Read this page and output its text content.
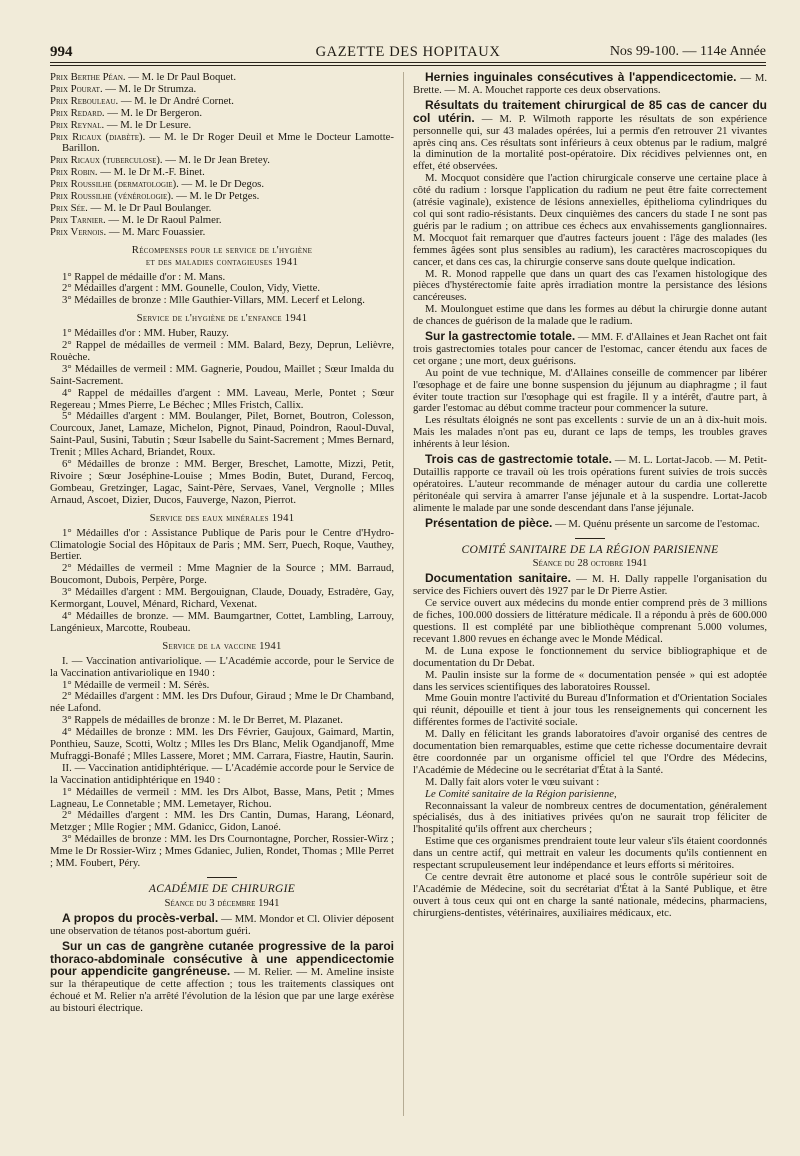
994	GAZETTE DES HOPITAUX	Nos 99-100. — 114e Année

Prix Berthe Péan. — M. le Dr Paul Boquet.

Prix Pourat. — M. le Dr Strumza.

Prix Rebouleau. — M. le Dr André Cornet.

Prix Redard. — M. le Dr Bergeron.

Prix Reynal. — M. le Dr Lesure.

Prix Ricaux (diabète). — M. le Dr Roger Deuil et Mme le Docteur Lamotte-Barillon.

Prix Ricaux (tuberculose). — M. le Dr Jean Bretey.

Prix Robin. — M. le Dr M.-F. Binet.

Prix Roussilhe (dermatologie). — M. le Dr Degos.

Prix Roussilhe (vénérologie). — M. le Dr Petges.

Prix Sée. — M. le Dr Paul Boulanger.

Prix Tarnier. — M. le Dr Raoul Palmer.

Prix Vernois. — M. Marc Fouassier.

Récompenses pour le service de l'hygiène
et des maladies contagieuses 1941

1° Rappel de médaille d'or : M. Mans.

2° Médailles d'argent : MM. Gounelle, Coulon, Vidy, Viette.

3° Médailles de bronze : Mlle Gauthier-Villars, MM. Lecerf et Lelong.

Service de l'hygiène de l'enfance 1941

1° Médailles d'or : MM. Huber, Rauzy.

2° Rappel de médailles de vermeil : MM. Balard, Bezy, Deprun, Lelièvre, Rouèche.

3° Médailles de vermeil : MM. Gagnerie, Poudou, Maillet ; Sœur Imalda du Saint-Sacrement.

4° Rappel de médailles d'argent : MM. Laveau, Merle, Pontet ; Sœur Regereau ; Mmes Pierre, Le Béchec ; Mlles Fristch, Callix.

5° Médailles d'argent : MM. Boulanger, Pilet, Bornet, Boutron, Colesson, Courcoux, Janet, Lamaze, Michelon, Pignot, Pinaud, Poindron, Raoul-Duval, Saint-Paul, Susini, Tabutin ; Sœur Isabelle du Saint-Sacrement ; Mmes Bernard, Trenit ; Mlles Achard, Briandet, Roux.

6° Médailles de bronze : MM. Berger, Breschet, Lamotte, Mizzi, Petit, Rivoire ; Sœur Joséphine-Louise ; Mmes Bodin, Butet, Durand, Fercoq, Gombeau, Gretzinger, Lagac, Saint-Père, Servaes, Vanel, Vergnolle ; Mlles Arnaud, Ascoet, Dizier, Ducos, Fauverge, Nazon, Pierrot.

Service des eaux minérales 1941

1° Médailles d'or : Assistance Publique de Paris pour le Centre d'Hydro-Climatologie Social des Hôpitaux de Paris ; MM. Serr, Puech, Roque, Vauthey, Bertier.

2° Médailles de vermeil : Mme Magnier de la Source ; MM. Barraud, Boucomont, Dubois, Perpère, Porge.

3° Médailles d'argent : MM. Bergouignan, Claude, Douady, Estradère, Gay, Kermorgant, Louvel, Ménard, Richard, Vexenat.

4° Médailles de bronze. — MM. Baumgartner, Cottet, Lambling, Larrouy, Langénieux, Marcotte, Roubeau.

Service de la vaccine 1941

I. — Vaccination antivariolique. — L'Académie accorde, pour le Service de la Vaccination antivariolique en 1940 :

1° Médaille de vermeil : M. Sérès.

2° Médailles d'argent : MM. les Drs Dufour, Giraud ; Mme le Dr Chamband, née Lafond.

3° Rappels de médailles de bronze : M. le Dr Berret, M. Plazanet.

4° Médailles de bronze : MM. les Drs Février, Gaujoux, Gaimard, Martin, Ponthieu, Sauze, Scotti, Woltz ; Mlles les Drs Blanc, Melik Ogandjanoff, Mme Mufraggi-Bonafé ; Mlles Lassere, Moret ; MM. Carrara, Fiastre, Hautin, Saurin.

II. — Vaccination antidiphtérique. — L'Académie accorde pour le Service de la Vaccination antidiphtérique en 1940 :

1° Médailles de vermeil : MM. les Drs Albot, Basse, Mans, Petit ; Mmes Lagneau, Le Connetable ; MM. Lemetayer, Richou.

2° Médailles d'argent : MM. les Drs Cantin, Dumas, Harang, Léonard, Metzger ; Mlle Rogier ; MM. Gdanicc, Gidon, Lanoé.

3° Médailles de bronze : MM. les Drs Cournontagne, Porcher, Rossier-Wirz ; Mme le Dr Rossier-Wirz ; Mmes Gdaniec, Julien, Rondet, Thomas ; Mlle Perret ; MM. Foubert, Péry.

ACADÉMIE DE CHIRURGIE
Séance du 3 décembre 1941

A propos du procès-verbal. — MM. Mondor et Cl. Olivier déposent une observation de tétanos post-abortum guéri.

Sur un cas de gangrène cutanée progressive de la paroi thoraco-abdominale consécutive à une appendicectomie pour appendicite gangréneuse. — M. Relier. — M. Ameline insiste sur la thérapeutique de cette affection ; tous les traitements classiques ont échoué et M. Relier n'a arrêté l'évolution de la lésion que par une large exérèse au bistouri électrique.

Hernies inguinales consécutives à l'appendicectomie. — M. Brette. — M. A. Mouchet rapporte ces deux observations.

Résultats du traitement chirurgical de 85 cas de cancer du col utérin. — M. P. Wilmoth rapporte les résultats de son expérience personnelle qui, sur 43 malades opérées, lui a permis d'en retrouver 21 vivantes après cinq ans. Ces résultats sont inférieurs à ceux obtenus par le radium, malgré la diminution de la mortalité post-opératoire. Dix récidives pelviennes ont, en effet, été observées.

M. Mocquot considère que l'action chirurgicale conserve une certaine place à côté du radium : lorsque l'application du radium ne peut être faite correctement (atrésie vaginale), existence de lésions annexielles, épithelioma cylindriques du col qui sont radio-résistants. Deux cinquièmes des cancers du stade I ne sont pas guéris par le radium ; on attribue ces échecs aux envahissements ganglionnaires. M. Mocquot fait remarquer que d'autres facteurs jouent : l'âge des malades (les femmes âgées sont plus sensibles au radium), les caractères macroscopiques du cancer, et dans ces cas, la chirurgie conserve sans doute quelque indication.

M. R. Monod rappelle que dans un quart des cas l'examen histologique des pièces d'hystérectomie faite après irradiation montre la persistance des lésions cancéreuses.

M. Moulonguet estime que dans les formes au début la chirurgie donne autant de chances de guérison de la malade que le radium.

Sur la gastrectomie totale. — MM. F. d'Allaines et Jean Rachet ont fait trois gastrectomies totales pour cancer de l'estomac, cancer étendu aux faces de cet organe ; une mort, deux guérisons.

Au point de vue technique, M. d'Allaines conseille de commencer par libérer l'œsophage et de faire une bonne suspension du jéjunum au diaphragme ; il faut éviter toute traction sur l'œsophage qui est fragile. Il y a intérêt, d'autre part, à garder l'estomac au début comme tracteur pour commencer la suture.

Les résultats éloignés ne sont pas excellents : survie de un an à dix-huit mois. Mais les malades n'ont pas eu, durant ce laps de temps, les troubles graves inhérents à leur lésion.

Trois cas de gastrectomie totale. — M. L. Lortat-Jacob. — M. Petit-Dutaillis rapporte ce travail où les trois opérations furent suivies de trois succès opératoires. L'auteur recommande de ménager autour du cardia une collerette péritonéale qui servira à amarrer l'anse jéjunale et à la suspendre. Lortat-Jacob alimente le malade par une sonde descendant dans l'anse jéjunale.

Présentation de pièce. — M. Quénu présente un sarcome de l'estomac.

COMITÉ SANITAIRE DE LA RÉGION PARISIENNE
Séance du 28 octobre 1941

Documentation sanitaire. — M. H. Dally rappelle l'organisation du service des Fichiers ouvert dès 1927 par le Dr Pierre Astier.

Ce service ouvert aux médecins du monde entier comprend près de 3 millions de fiches, 100.000 dossiers de littérature médicale. Il a répondu à près de 600.000 questions. Il est complété par une bibliothèque comprenant 5.000 volumes, recevant 1.800 revues en échange avec le Monde Médical.

M. de Luna expose le fonctionnement du service bibliographique et de documentation du Dr Debat.

M. Paulin insiste sur la forme de « documentation pensée » qui est adoptée dans les services scientifiques des laboratoires Roussel.

Mme Gouin montre l'activité du Bureau d'Information et d'Orientation Sociales qui réunit, dépouille et tient à jour tous les renseignements qui concernent les différentes formes de l'activité sociale.

M. Dally en félicitant les grands laboratoires d'avoir organisé des centres de documentation bien remarquables, estime que cette richesse documentaire devrait être coordonnée par un organisme officiel tel que l'Ordre des Médecins, l'Académie de Médecine ou le secrétariat d'État à la Santé.

M. Dally fait alors voter le vœu suivant :

Le Comité sanitaire de la Région parisienne,

Reconnaissant la valeur de nombreux centres de documentation, généralement spécialisés, dus à des initiatives privées qu'on ne saurait trop féliciter de l'hospitalité qu'ils offrent aux chercheurs ;

Estime que ces organismes prendraient toute leur valeur s'ils étaient coordonnés dans un centre actif, qui mettrait en valeur les documents qu'ils contiennent en respectant scrupuleusement leur indépendance et leurs efforts si méritoires.

Ce centre devrait être autonome et placé sous le contrôle supérieur soit de l'Académie de Médecine, soit du secrétariat d'État à la Santé Publique, et être ouvert à tous ceux qui ont en charge la santé nationale, médecins, pharmaciens, chirurgiens-dentistes, vétérinaires, auxiliaires médicaux, etc.
